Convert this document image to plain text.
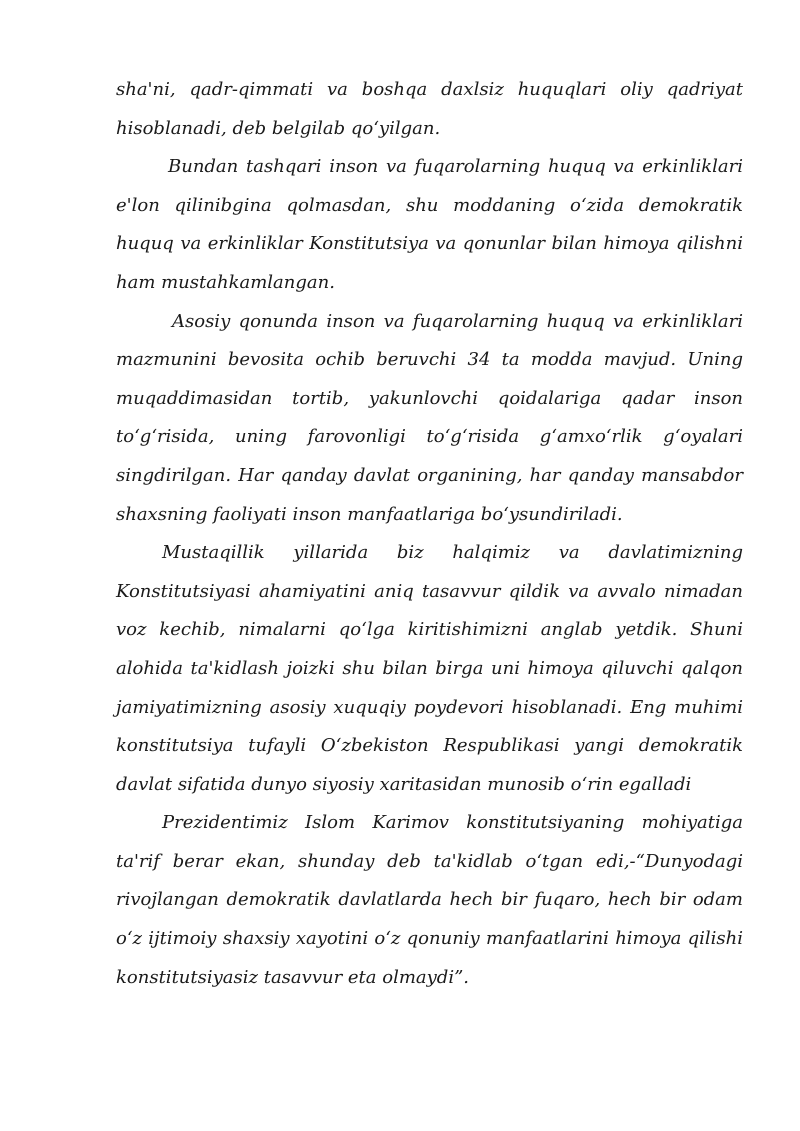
sha'ni, qadr-qimmati va boshqa daxlsiz huquqlari oliy qadriyat hisoblanadi, deb belgilab qo‘yilgan.

Bundan tashqari inson va fuqarolarning huquq va erkinliklari e'lon qilinibgina qolmasdan, shu moddaning o‘zida demokratik huquq va erkinliklar Konstitutsiya va qonunlar bilan himoya qilishni ham mustahkamlangan.

Asosiy qonunda inson va fuqarolarning huquq va erkinliklari mazmunini bevosita ochib beruvchi 34 ta modda mavjud. Uning muqaddimasidan tortib, yakunlovchi qoidalariga qadar inson to‘g‘risida, uning farovonligi to‘g‘risida g‘amxo‘rlik g‘oyalari singdirilgan. Har qanday davlat organining, har qanday mansabdor shaxsning faoliyati inson manfaatlariga bo‘ysundiriladi.

Mustaqillik yillarida biz halqimiz va davlatimizning Konstitutsiyasi ahamiyatini aniq tasavvur qildik va avvalo nimadan voz kechib, nimalarni qo‘lga kiritishimizni anglab yetdik. Shuni alohida ta'kidlash joizki shu bilan birga uni himoya qiluvchi qalqon jamiyatimizning asosiy xuquqiy poydevori hisoblanadi. Eng muhimi konstitutsiya tufayli O‘zbekiston Respublikasi yangi demokratik davlat sifatida dunyo siyosiy xaritasidan munosib o‘rin egalladi

Prezidentimiz Islom Karimov konstitutsiyaning mohiyatiga ta'rif berar ekan, shunday deb ta'kidlab o‘tgan edi,-“Dunyodagi rivojlangan demokratik davlatlarda hech bir fuqaro, hech bir odam o‘z ijtimoiy shaxsiy xayotini o‘z qonuniy manfaatlarini himoya qilishi konstitutsiyasiz tasavvur eta olmaydi”.
